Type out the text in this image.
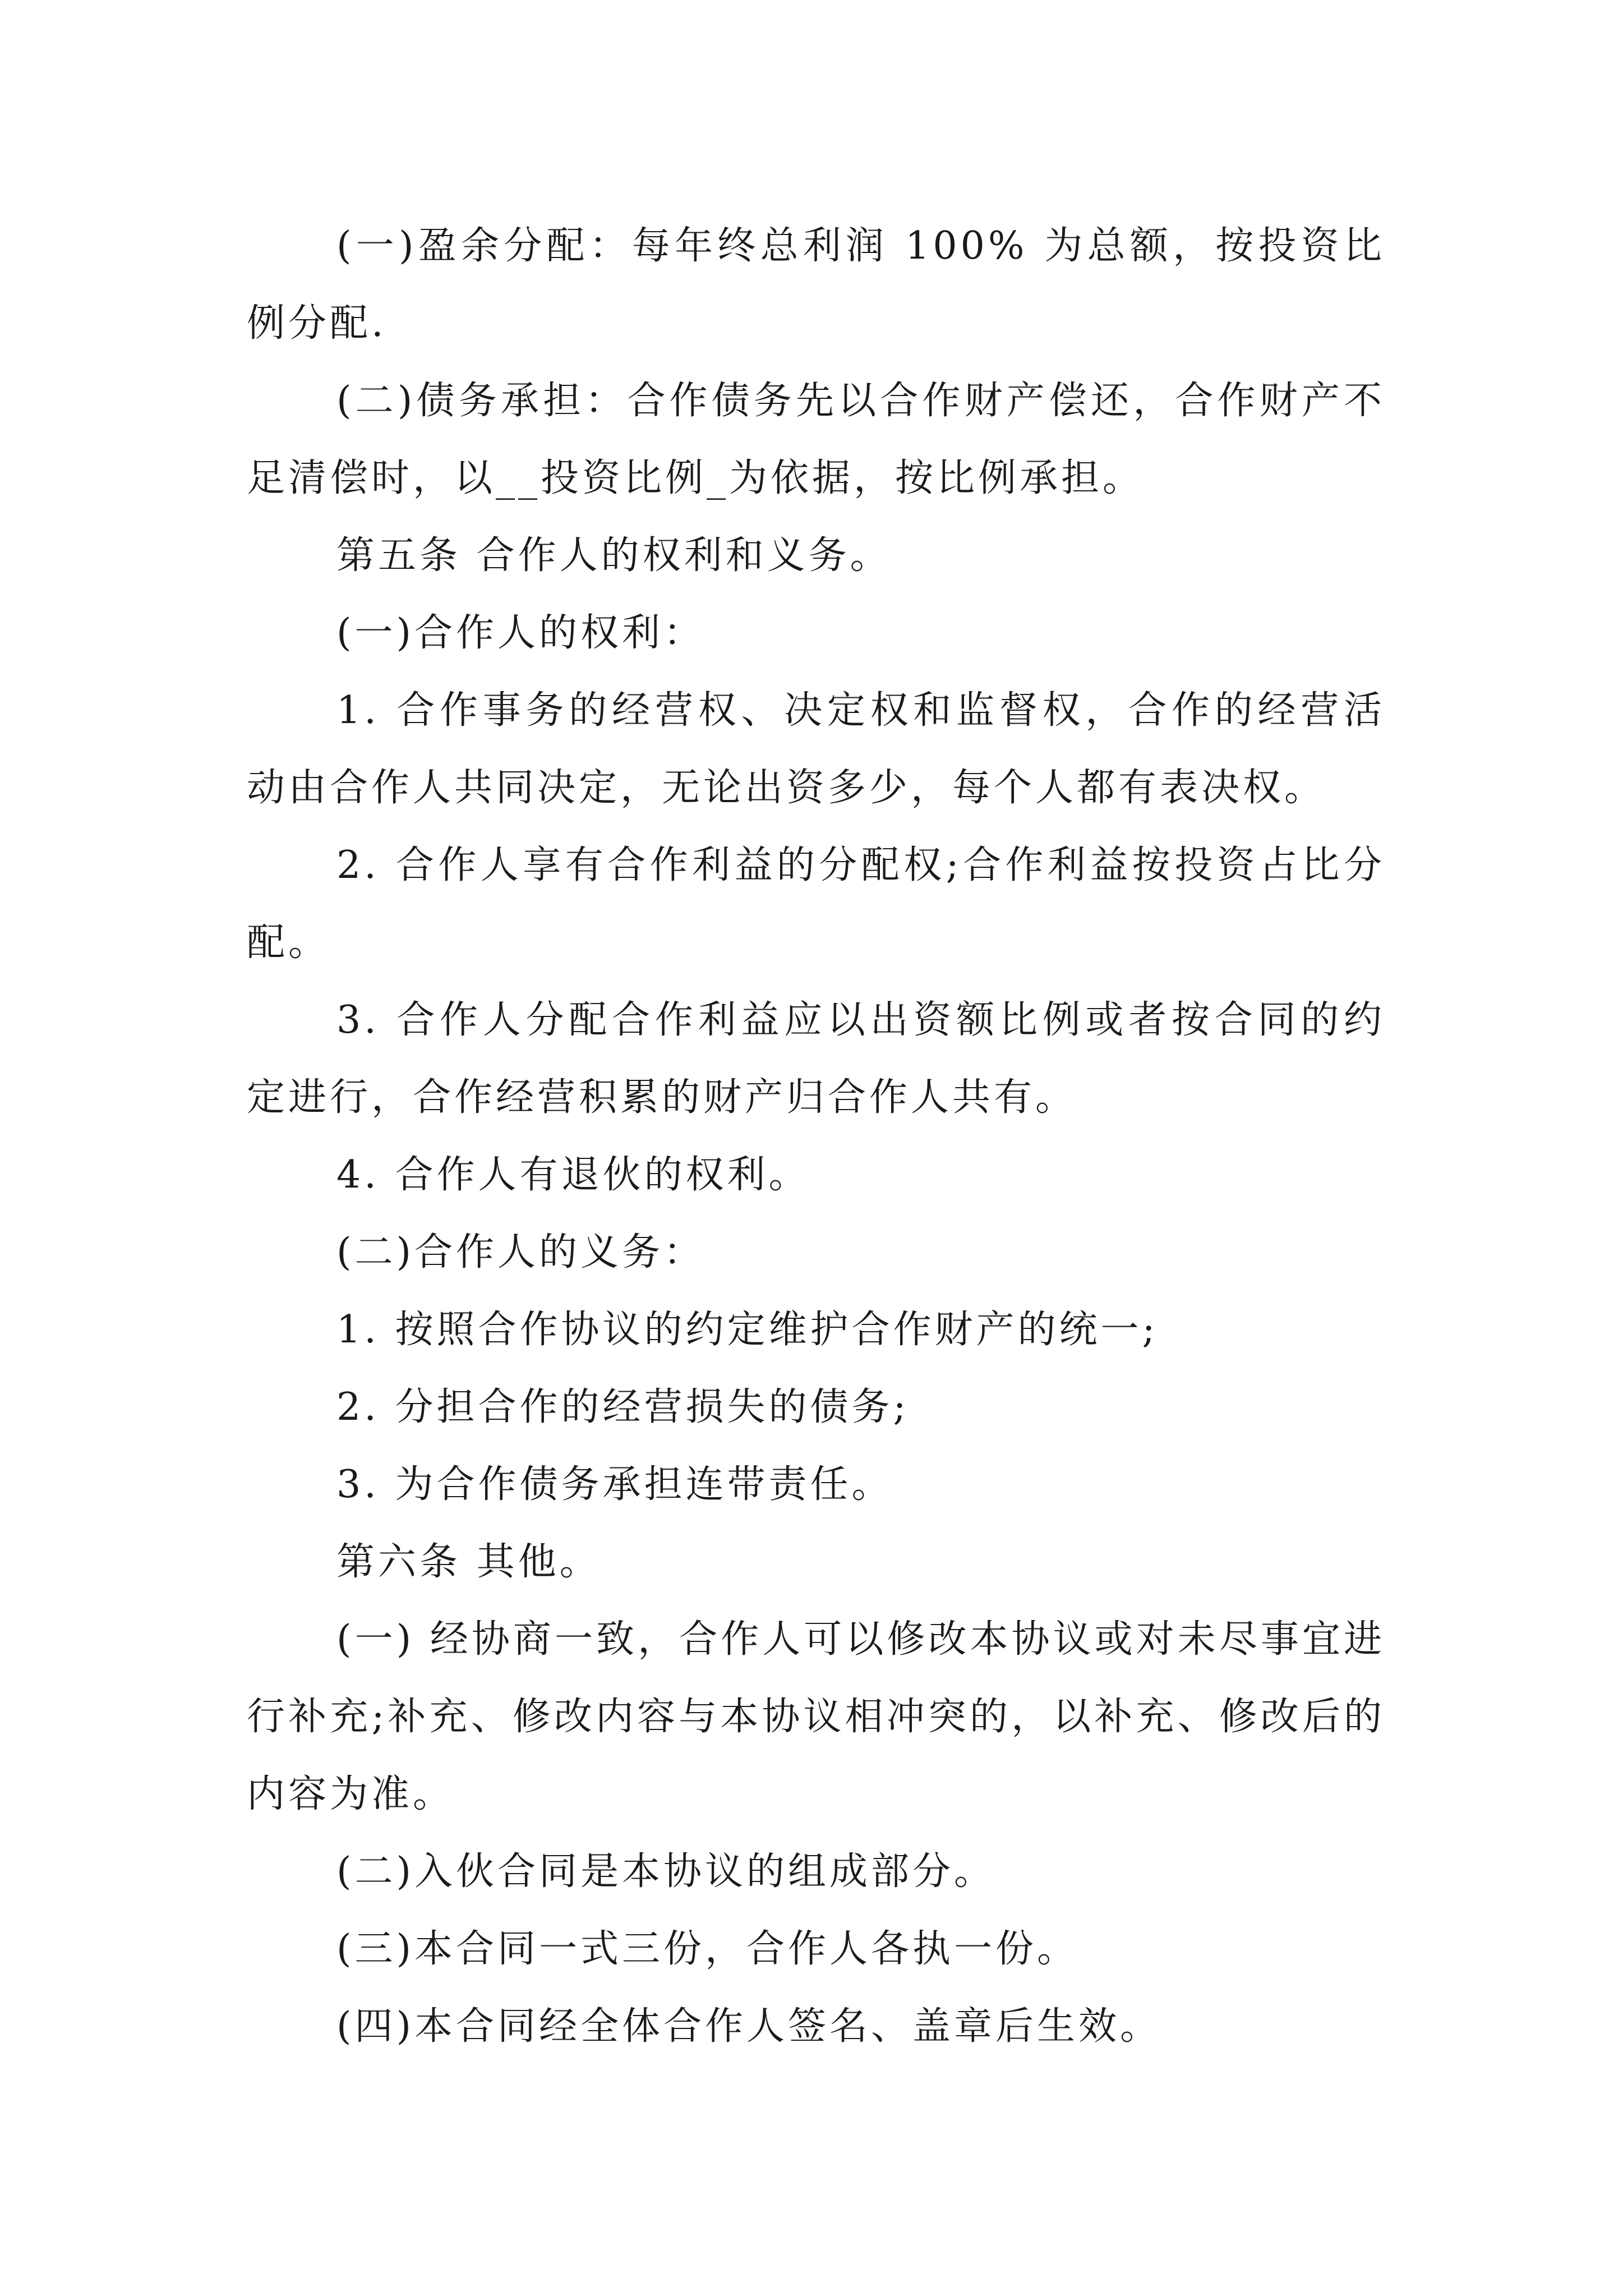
(一)盈余分配：每年终总利润 100% 为总额，按投资比例分配.

(二)债务承担：合作债务先以合作财产偿还，合作财产不足清偿时，以__投资比例_为依据，按比例承担。

第五条 合作人的权利和义务。

(一)合作人的权利：

1. 合作事务的经营权、决定权和监督权，合作的经营活动由合作人共同决定，无论出资多少，每个人都有表决权。

2. 合作人享有合作利益的分配权;合作利益按投资占比分配。

3. 合作人分配合作利益应以出资额比例或者按合同的约定进行，合作经营积累的财产归合作人共有。

4. 合作人有退伙的权利。

(二)合作人的义务：

1. 按照合作协议的约定维护合作财产的统一;

2. 分担合作的经营损失的债务;

3. 为合作债务承担连带责任。

第六条 其他。

(一) 经协商一致，合作人可以修改本协议或对未尽事宜进行补充;补充、修改内容与本协议相冲突的，以补充、修改后的内容为准。

(二)入伙合同是本协议的组成部分。

(三)本合同一式三份，合作人各执一份。

(四)本合同经全体合作人签名、盖章后生效。
